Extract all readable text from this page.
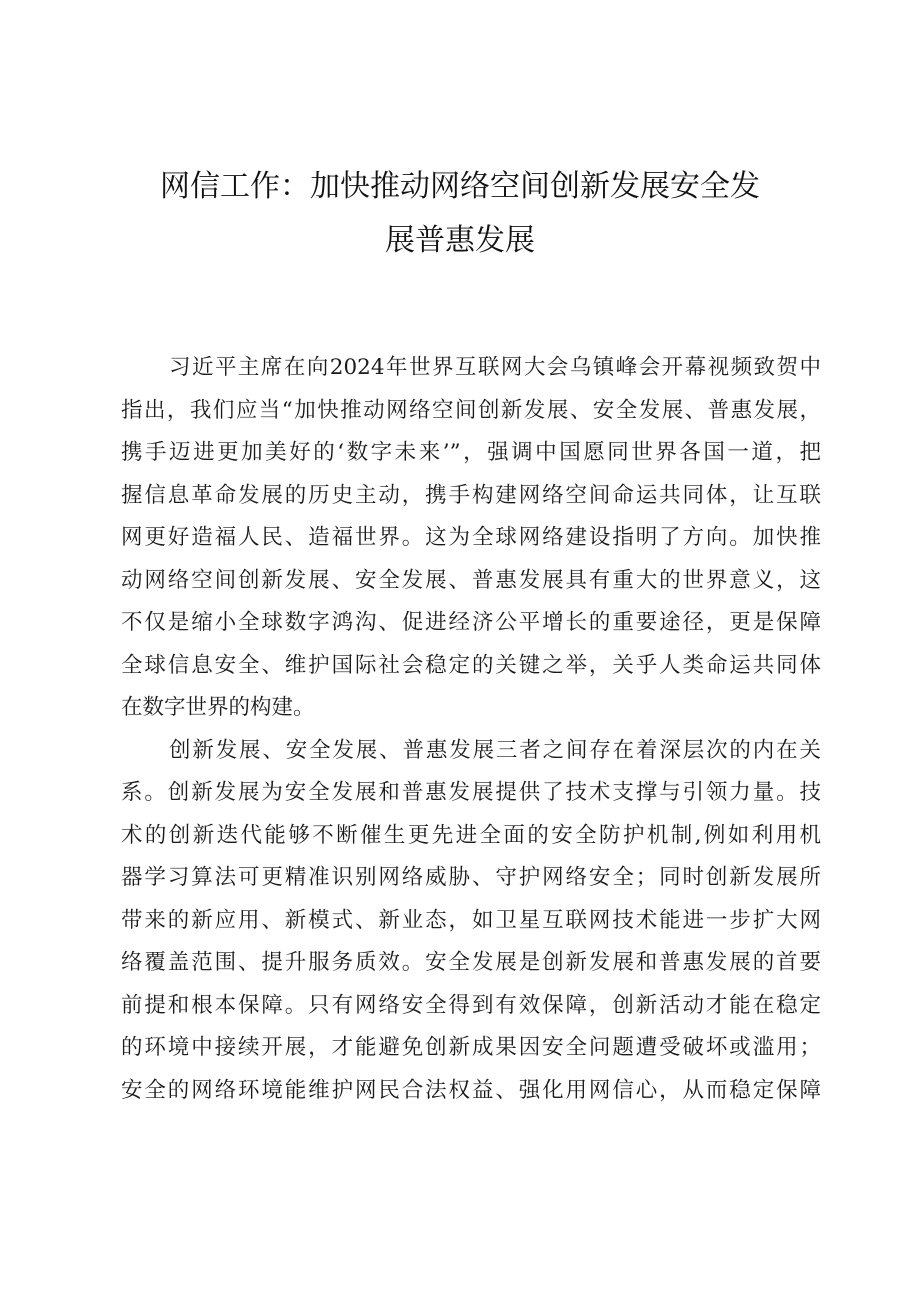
网信工作：加快推动网络空间创新发展安全发
展普惠发展
习近平主席在向2024年世界互联网大会乌镇峰会开幕视频致贺中
指出，我们应当“加快推动网络空间创新发展、安全发展、普惠发展，
携手迈进更加美好的‘数字未来’”，强调中国愿同世界各国一道，把
握信息革命发展的历史主动，携手构建网络空间命运共同体，让互联
网更好造福人民、造福世界。这为全球网络建设指明了方向。加快推
动网络空间创新发展、安全发展、普惠发展具有重大的世界意义，这
不仅是缩小全球数字鸿沟、促进经济公平增长的重要途径，更是保障
全球信息安全、维护国际社会稳定的关键之举，关乎人类命运共同体
在数字世界的构建。
创新发展、安全发展、普惠发展三者之间存在着深层次的内在关
系。创新发展为安全发展和普惠发展提供了技术支撑与引领力量。技
术的创新迭代能够不断催生更先进全面的安全防护机制,例如利用机
器学习算法可更精准识别网络威胁、守护网络安全；同时创新发展所
带来的新应用、新模式、新业态，如卫星互联网技术能进一步扩大网
络覆盖范围、提升服务质效。安全发展是创新发展和普惠发展的首要
前提和根本保障。只有网络安全得到有效保障，创新活动才能在稳定
的环境中接续开展，才能避免创新成果因安全问题遭受破坏或滥用；
安全的网络环境能维护网民合法权益、强化用网信心，从而稳定保障
